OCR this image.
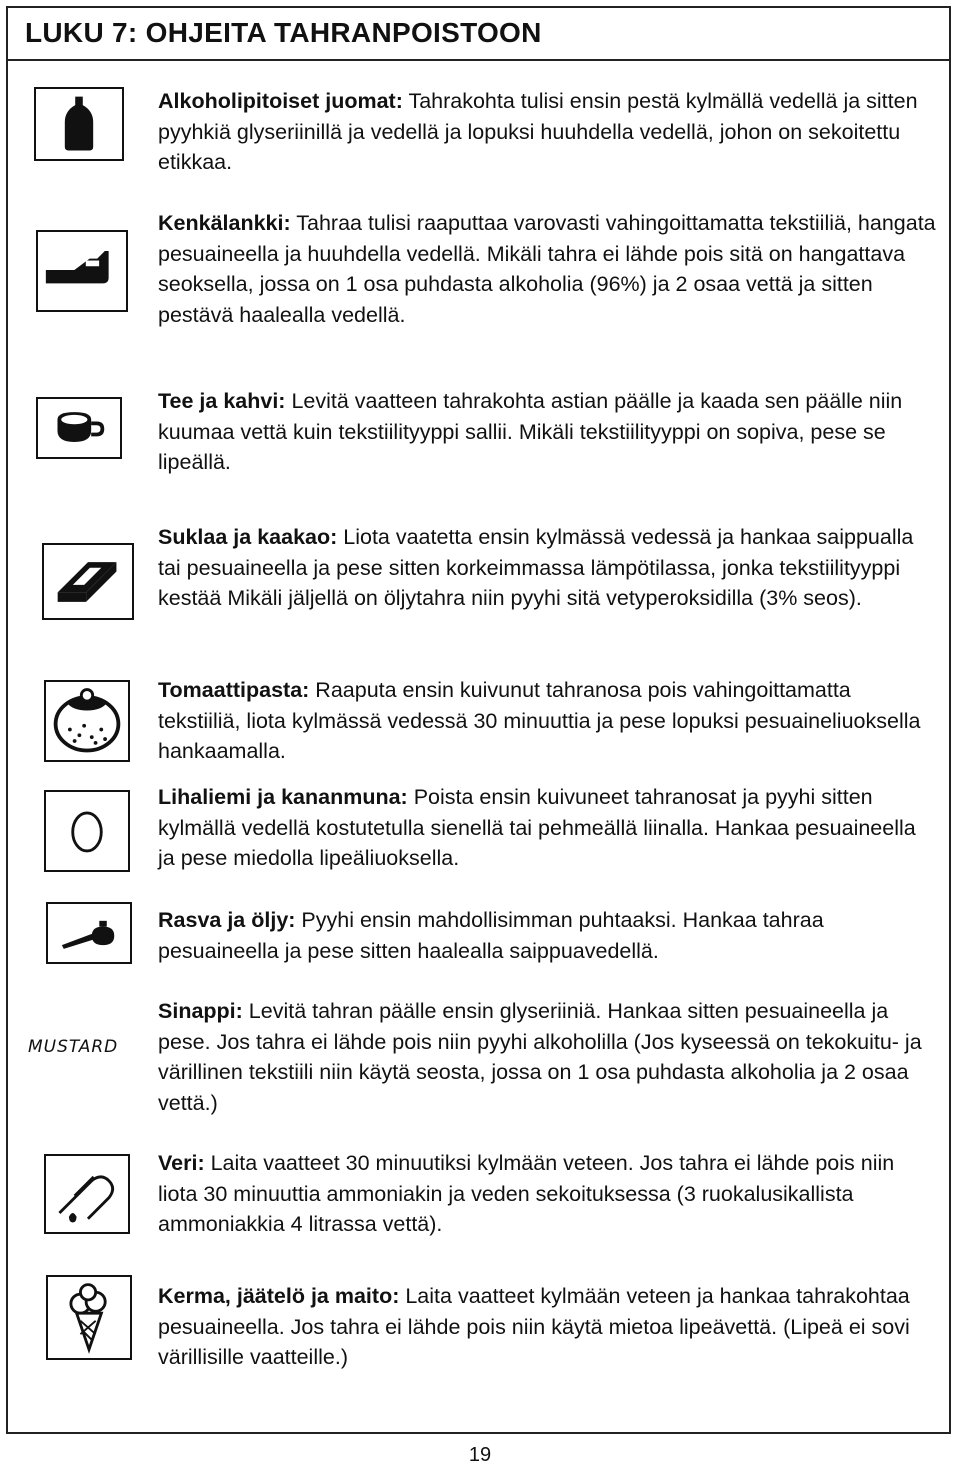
LUKU 7: OHJEITA TAHRANPOISTOON
MUSTARD

Alkoholipitoiset juomat: Tahrakohta tulisi ensin pestä kylmällä vedellä ja sitten pyyhkiä glyseriinillä ja vedellä ja lopuksi huuhdella vedellä, johon on sekoitettu etikkaa.

Kenkälankki: Tahraa tulisi raaputtaa varovasti vahingoittamatta tekstiiliä, hangata pesuaineella ja huuhdella vedellä. Mikäli tahra ei lähde pois sitä on hangattava seoksella, jossa on 1 osa puhdasta alkoholia (96%) ja 2 osaa vettä ja sitten pestävä haalealla vedellä.

Tee ja kahvi: Levitä vaatteen tahrakohta astian päälle ja kaada sen päälle niin kuumaa vettä kuin tekstiilityyppi sallii. Mikäli tekstiilityyppi on sopiva, pese se lipeällä.

Suklaa ja kaakao: Liota vaatetta ensin kylmässä vedessä ja hankaa saippualla tai pesuaineella ja pese sitten korkeimmassa lämpötilassa, jonka tekstiilityyppi kestää Mikäli jäljellä on öljytahra niin pyyhi sitä vetyperoksidilla (3% seos).

Tomaattipasta: Raaputa ensin kuivunut tahranosa pois vahingoittamatta tekstiiliä, liota kylmässä vedessä 30 minuuttia ja pese lopuksi pesuaineliuoksella hankaamalla.

Lihaliemi ja kananmuna: Poista ensin kuivuneet tahranosat ja pyyhi sitten kylmällä vedellä kostutetulla sienellä tai pehmeällä liinalla. Hankaa pesuaineella ja pese miedolla lipeäliuoksella.

Rasva ja öljy: Pyyhi ensin mahdollisimman puhtaaksi. Hankaa tahraa pesuaineella ja pese sitten haalealla saippuavedellä.

Sinappi: Levitä tahran päälle ensin glyseriiniä. Hankaa sitten pesuaineella ja pese. Jos tahra ei lähde pois niin pyyhi alkoholilla (Jos kyseessä on tekokuitu- ja värillinen tekstiili niin käytä seosta, jossa on 1 osa puhdasta alkoholia ja 2 osaa vettä.)

Veri: Laita vaatteet 30 minuutiksi kylmään veteen. Jos tahra ei lähde pois niin liota 30 minuuttia ammoniakin ja veden sekoituksessa (3 ruokalusikallista ammoniakkia 4 litrassa vettä).

Kerma, jäätelö ja maito: Laita vaatteet kylmään veteen ja hankaa tahrakohtaa pesuaineella. Jos tahra ei lähde pois niin käytä mietoa lipeävettä. (Lipeä ei sovi värillisille vaatteille.)

19
